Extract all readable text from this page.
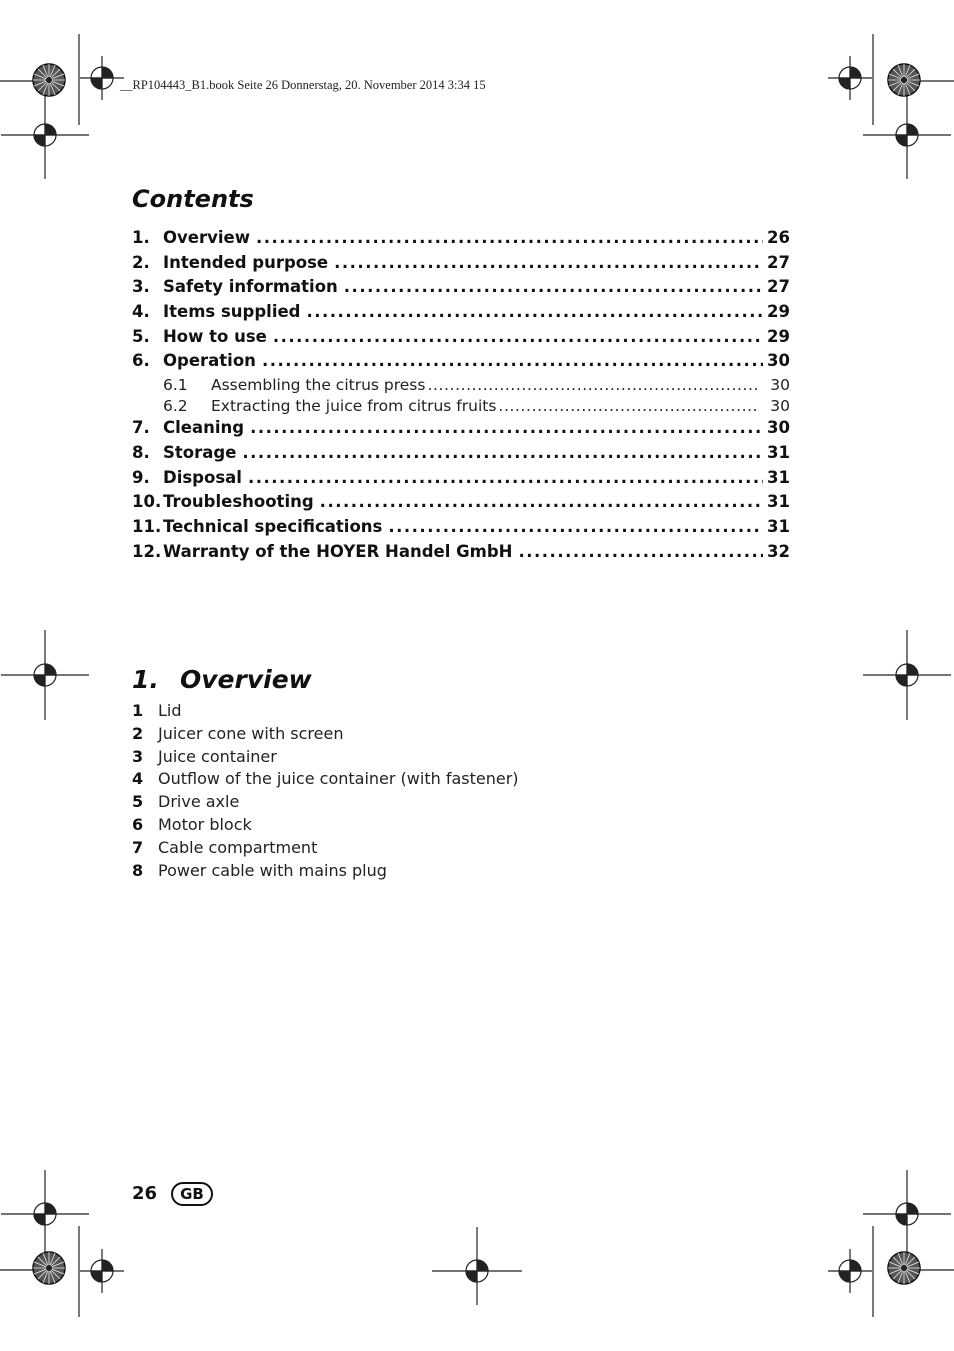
__RP104443_B1.book Seite 26 Donnerstag, 20. November 2014 3:34 15
Contents
1. Overview .....	26
2. Intended purpose .....	27
3. Safety information .....	27
4. Items supplied .....	29
5. How to use .....	29
6. Operation .....	30
6.1	Assembling the citrus press .....	30
6.2	Extracting the juice from citrus fruits .....	30
7. Cleaning .....	30
8. Storage .....	31
9. Disposal .....	31
10. Troubleshooting .....	31
11. Technical specifications .....	31
12. Warranty of the HOYER Handel GmbH .....	32
1. Overview
1 Lid
2 Juicer cone with screen
3 Juice container
4 Outflow of the juice container (with fastener)
5 Drive axle
6 Motor block
7 Cable compartment
8 Power cable with mains plug
26	GB
